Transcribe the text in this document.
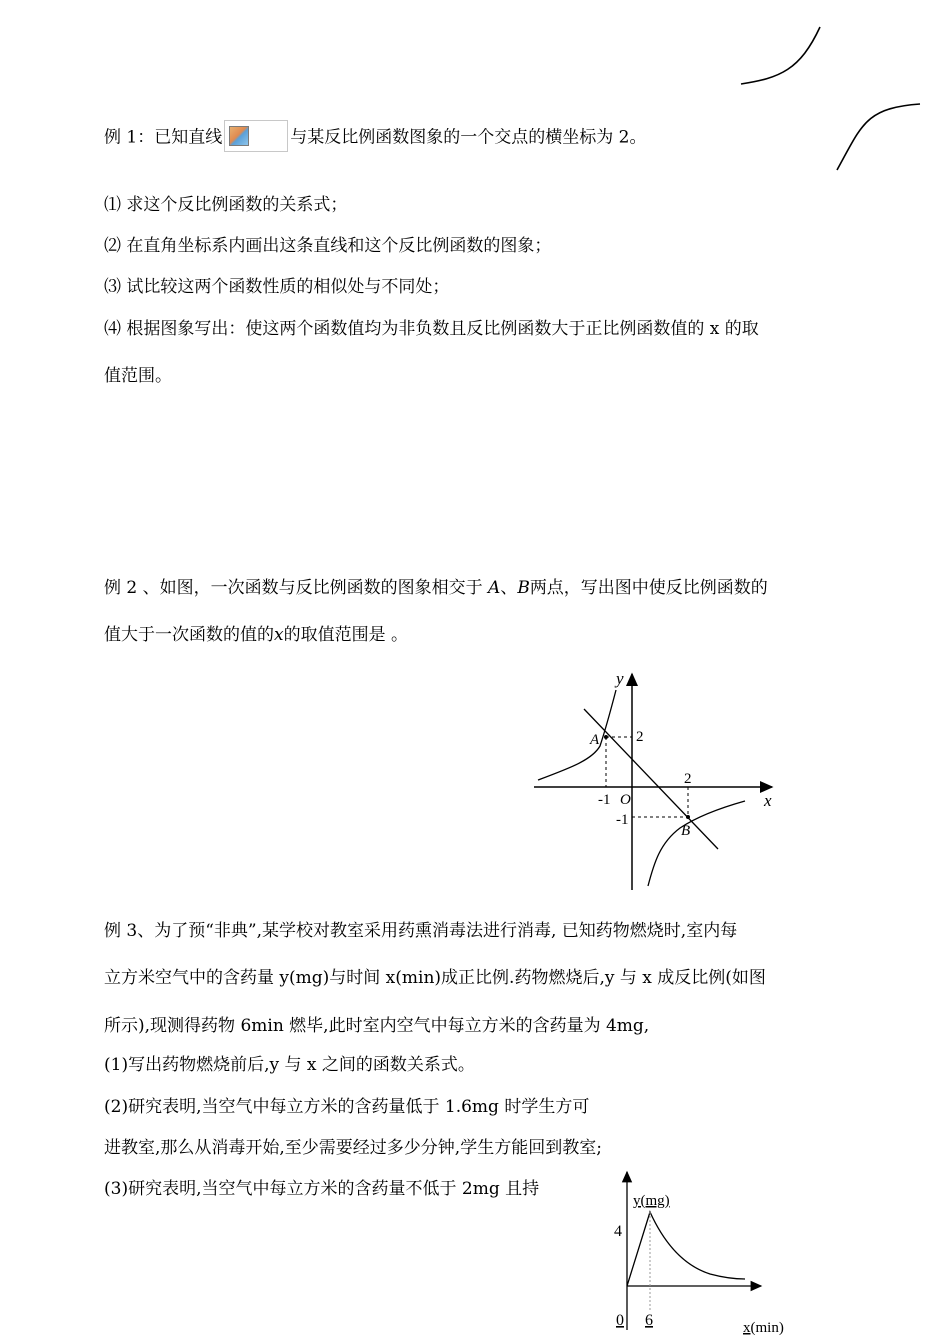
例 1：已知直线	与某反比例函数图象的一个交点的横坐标为 2。
⑴ 求这个反比例函数的关系式；
⑵ 在直角坐标系内画出这条直线和这个反比例函数的图象；
⑶ 试比较这两个函数性质的相似处与不同处；
⑷ 根据图象写出：使这两个函数值均为非负数且反比例函数大于正比例函数值的 x 的取
值范围。
例 2 、如图，一次函数与反比例函数的图象相交于 A、B两点，写出图中使反比例函数的
值大于一次函数的值的x的取值范围是 。
y
x
O
A
B
2
2
-1
-1
例 3、为了预“非典”,某学校对教室采用药熏消毒法进行消毒, 已知药物燃烧时,室内每
立方米空气中的含药量 y(mg)与时间 x(min)成正比例.药物燃烧后,y 与 x 成反比例(如图
所示),现测得药物 6min 燃毕,此时室内空气中每立方米的含药量为 4mg,
(1)写出药物燃烧前后,y 与 x 之间的函数关系式。
(2)研究表明,当空气中每立方米的含药量低于 1.6mg 时学生方可
进教室,那么从消毒开始,至少需要经过多少分钟,学生方能回到教室;
(3)研究表明,当空气中每立方米的含药量不低于 2mg 且持
y(mg)
4
0 6	x(min)
